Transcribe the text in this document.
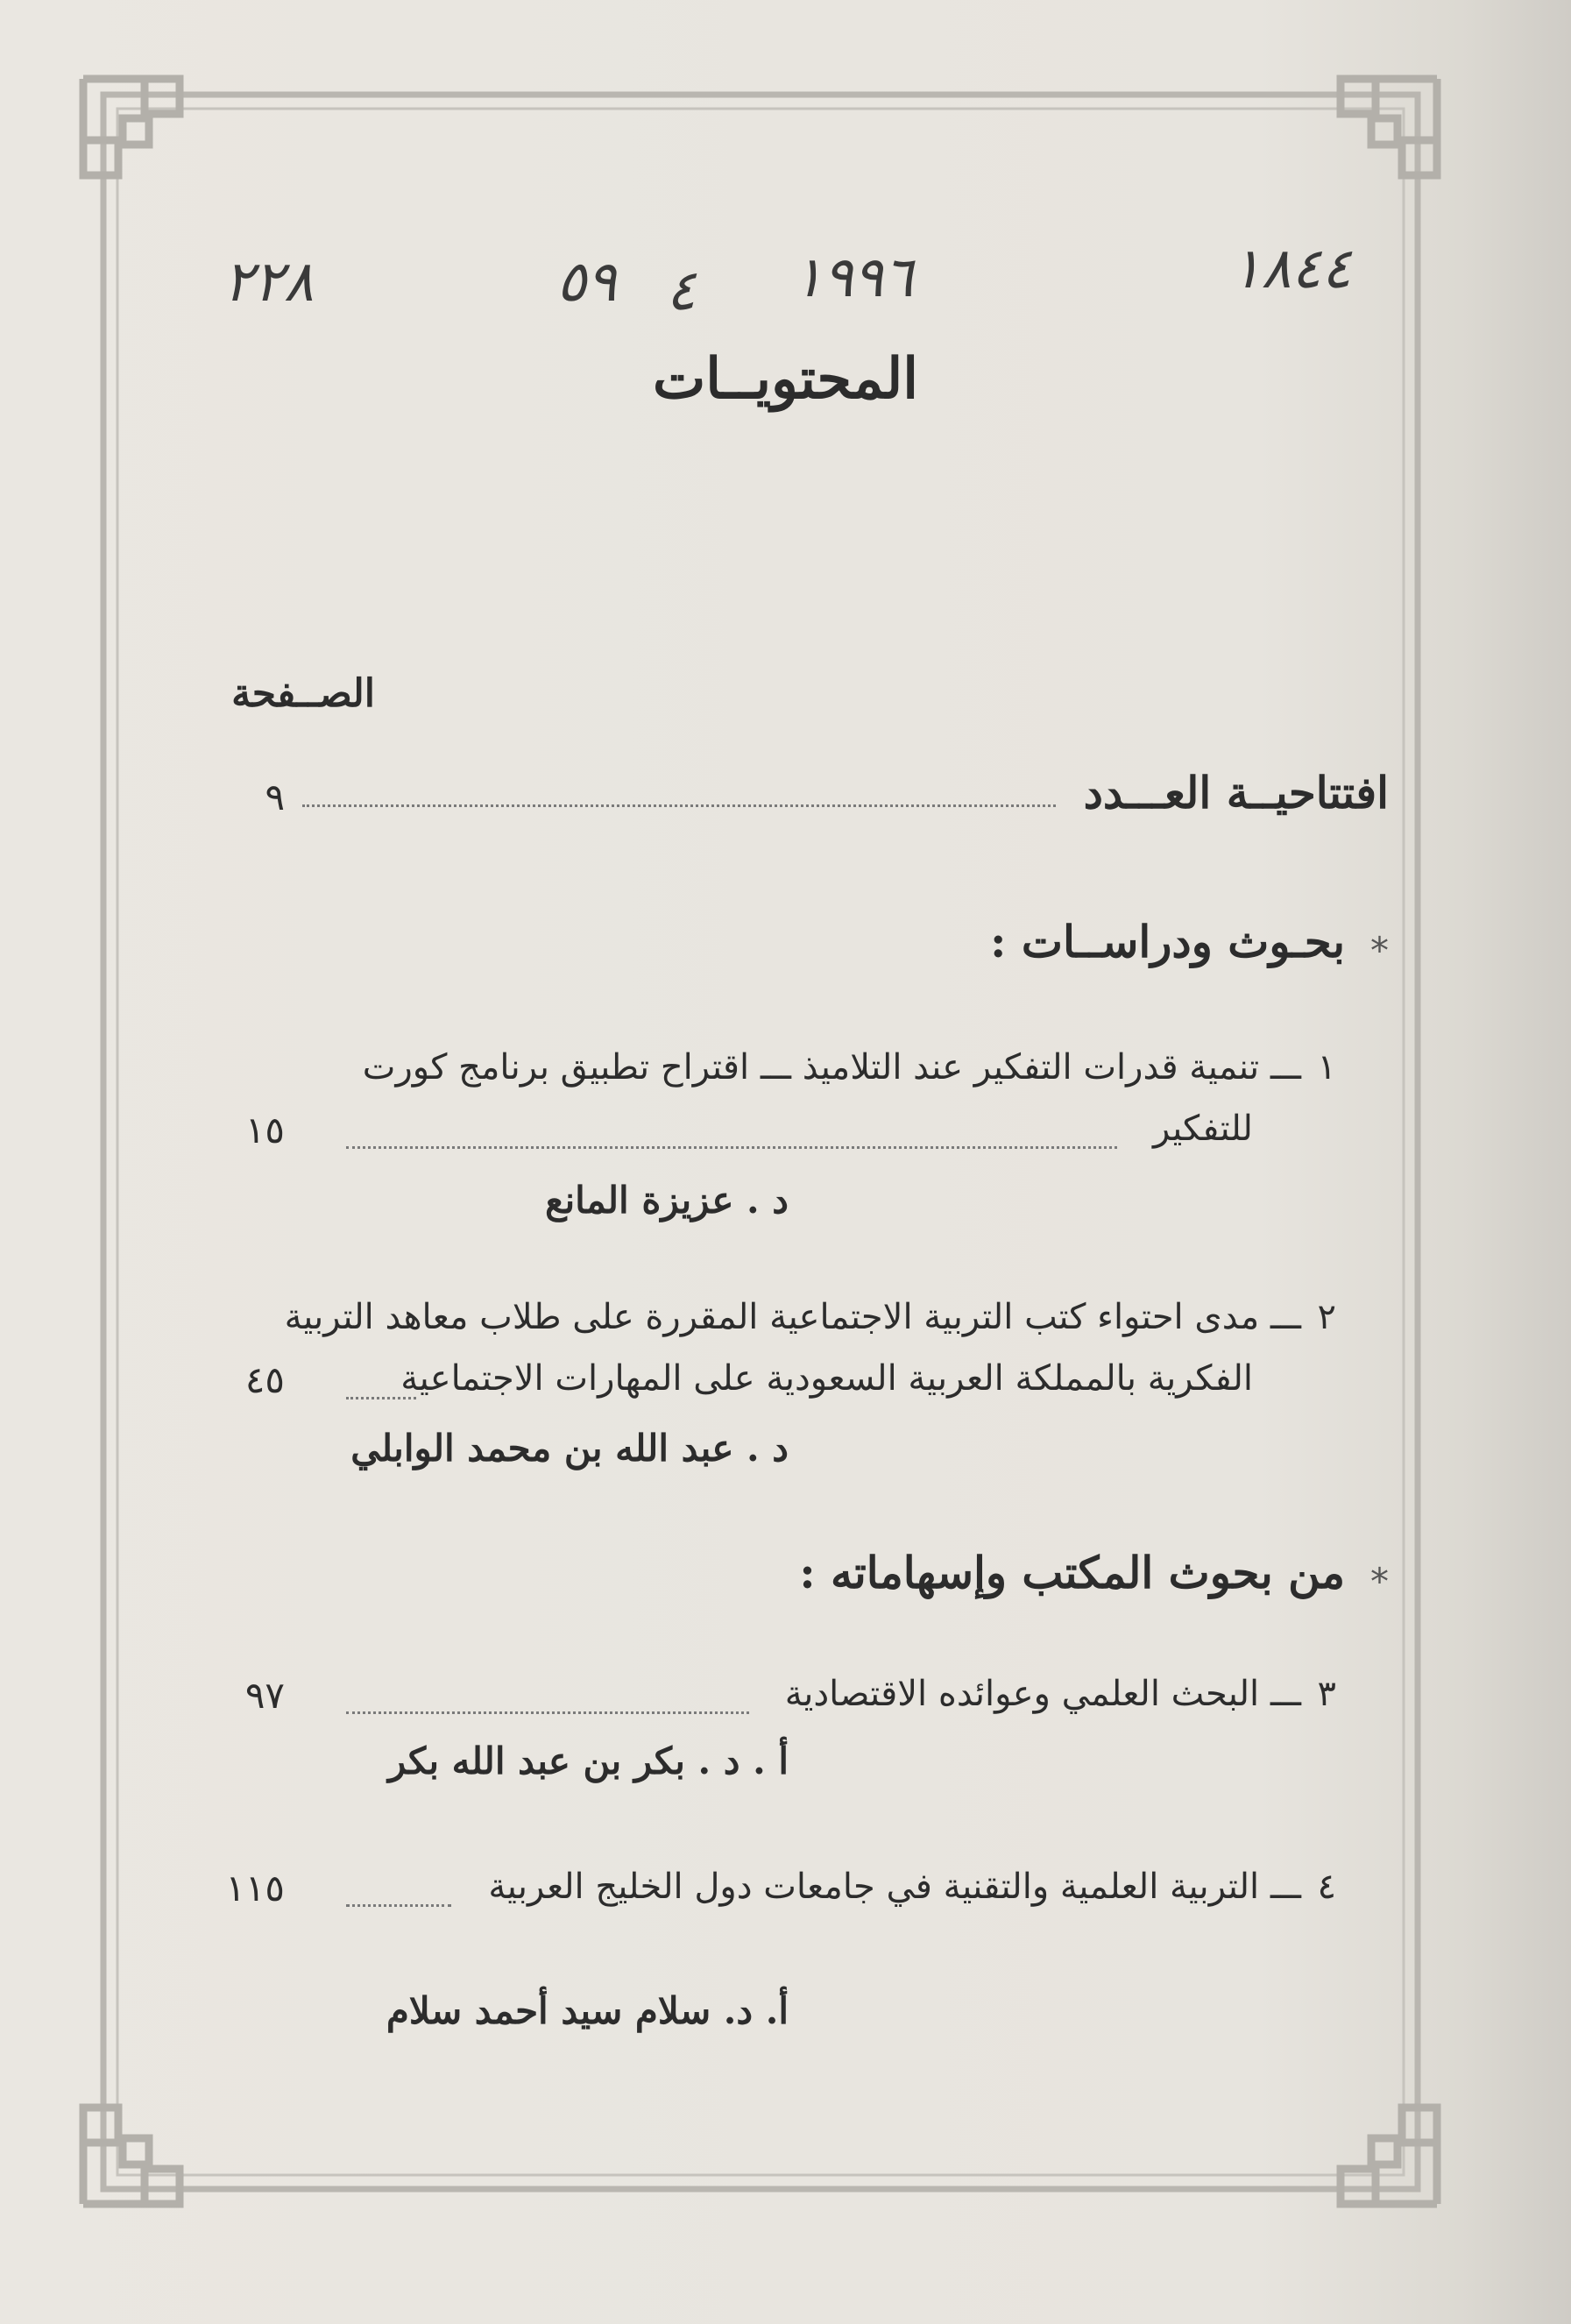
١٨٤٤
١٩٩٦
٤
٥٩
٢٢٨
المحتويــات
الصــفحة
افتتاحيــة العـــدد
٩
*
بحـوث ودراســات :
١
ـــ تنمية قدرات التفكير عند التلاميذ ـــ اقتراح تطبيق برنامج كورت
للتفكير
١٥
د . عزيزة المانع
٢
ـــ مدى احتواء كتب التربية الاجتماعية المقررة على طلاب معاهد التربية
الفكرية بالمملكة العربية السعودية على المهارات الاجتماعية
٤٥
د . عبد الله بن محمد الوابلي
*
من بحوث المكتب وإسهاماته :
٣
ـــ البحث العلمي وعوائده الاقتصادية
٩٧
أ . د . بكر بن عبد الله بكر
٤
ـــ التربية العلمية والتقنية في جامعات دول الخليج العربية
١١٥
أ. د. سلام سيد أحمد سلام
